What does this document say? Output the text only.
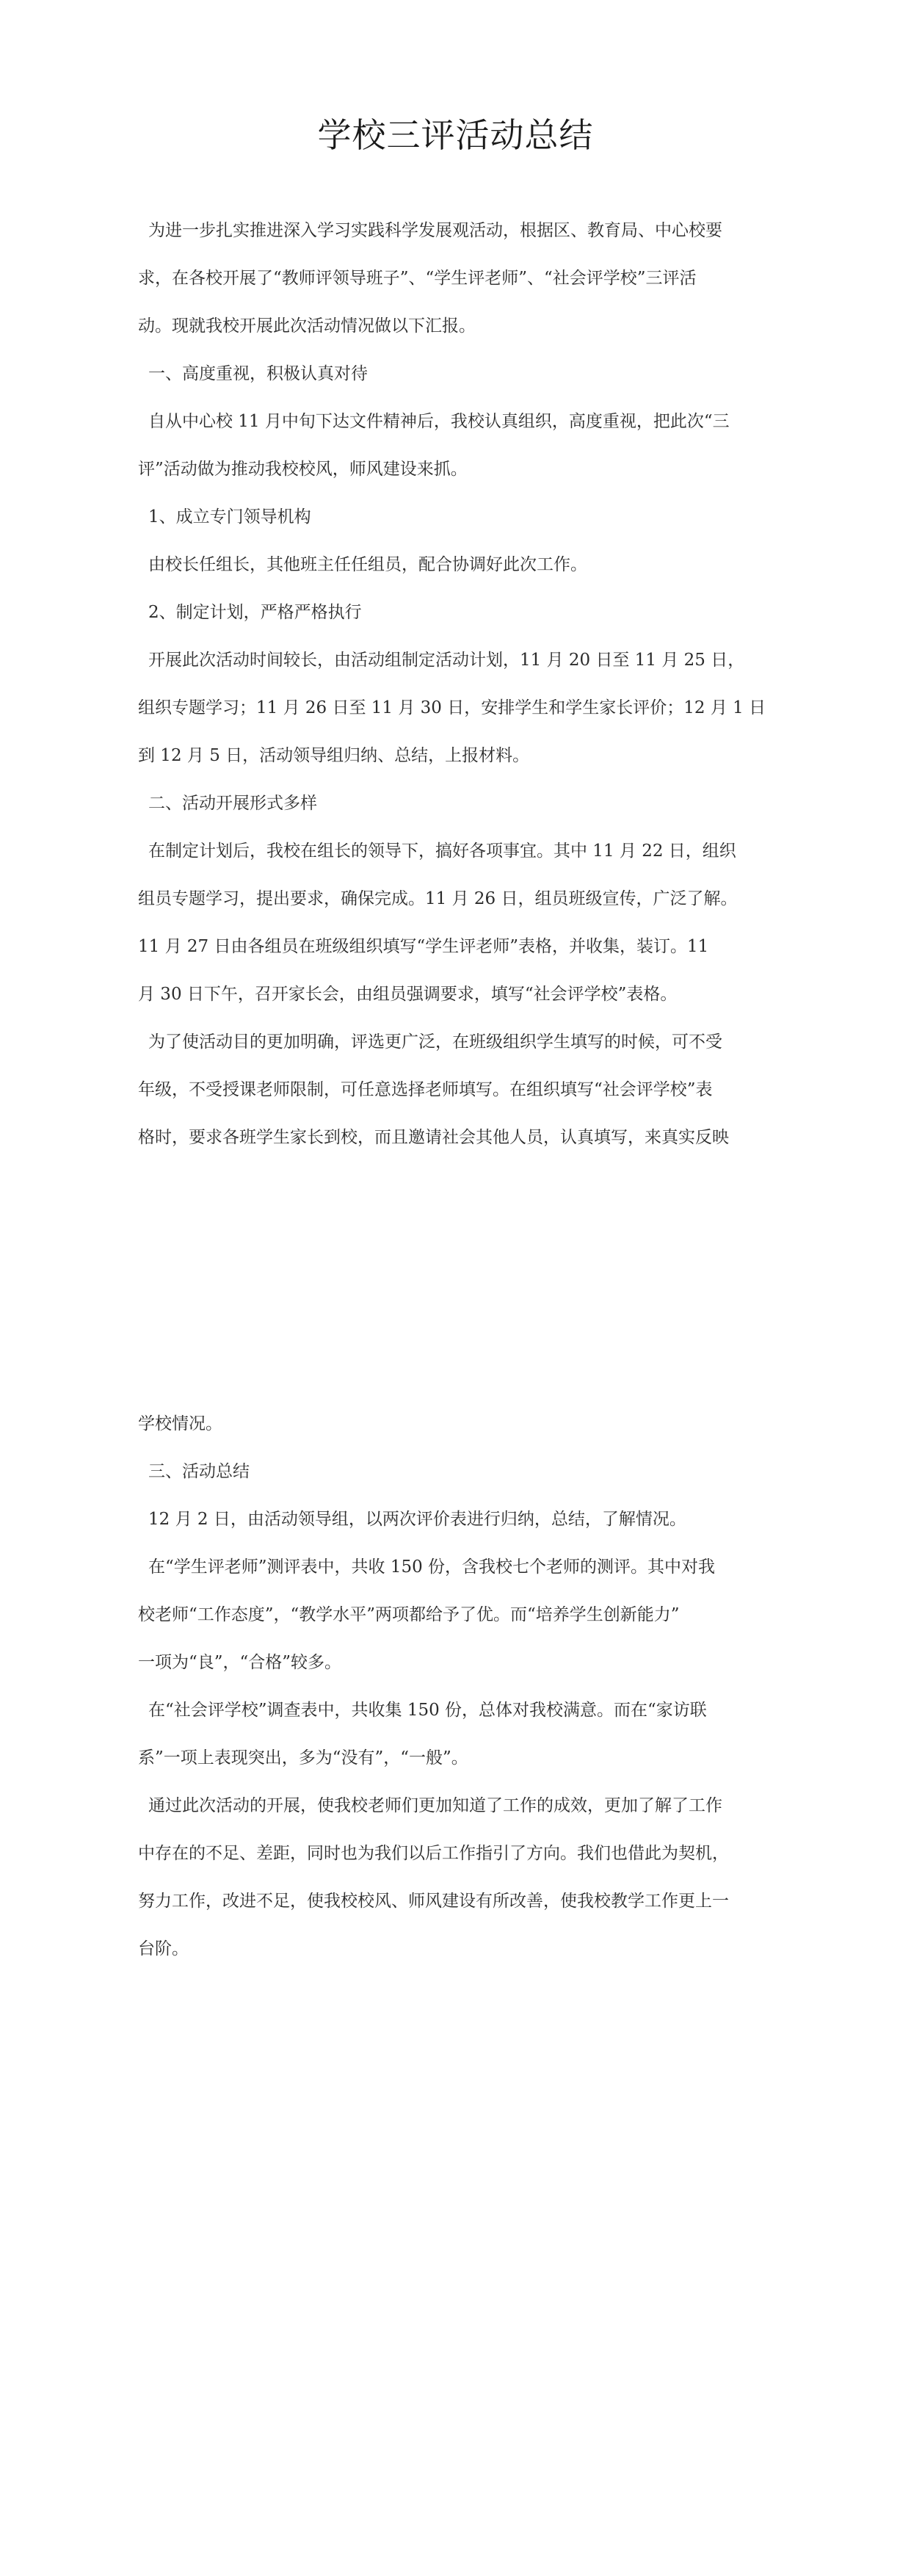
学校三评活动总结
为进一步扎实推进深入学习实践科学发展观活动，根据区、教育局、中心校要
求，在各校开展了“教师评领导班子”、“学生评老师”、“社会评学校”三评活
动。现就我校开展此次活动情况做以下汇报。
一、高度重视，积极认真对待
自从中心校 11 月中旬下达文件精神后，我校认真组织，高度重视，把此次“三
评”活动做为推动我校校风，师风建设来抓。
1、成立专门领导机构
由校长任组长，其他班主任任组员，配合协调好此次工作。
2、制定计划，严格严格执行
开展此次活动时间较长，由活动组制定活动计划，11 月 20 日至 11 月 25 日，
组织专题学习；11 月 26 日至 11 月 30 日，安排学生和学生家长评价；12 月 1 日
到 12 月 5 日，活动领导组归纳、总结，上报材料。
二、活动开展形式多样
在制定计划后，我校在组长的领导下，搞好各项事宜。其中 11 月 22 日，组织
组员专题学习，提出要求，确保完成。11 月 26 日，组员班级宣传，广泛了解。
11 月 27 日由各组员在班级组织填写“学生评老师”表格，并收集，装订。11
月 30 日下午，召开家长会，由组员强调要求，填写“社会评学校”表格。
为了使活动目的更加明确，评选更广泛，在班级组织学生填写的时候，可不受
年级，不受授课老师限制，可任意选择老师填写。在组织填写“社会评学校”表
格时，要求各班学生家长到校，而且邀请社会其他人员，认真填写，来真实反映
学校情况。
三、活动总结
12 月 2 日，由活动领导组，以两次评价表进行归纳，总结，了解情况。
在“学生评老师”测评表中，共收 150 份，含我校七个老师的测评。其中对我
校老师“工作态度”，“教学水平”两项都给予了优。而“培养学生创新能力”
一项为“良”，“合格”较多。
在“社会评学校”调查表中，共收集 150 份，总体对我校满意。而在“家访联
系”一项上表现突出，多为“没有”，“一般”。
通过此次活动的开展，使我校老师们更加知道了工作的成效，更加了解了工作
中存在的不足、差距，同时也为我们以后工作指引了方向。我们也借此为契机，
努力工作，改进不足，使我校校风、师风建设有所改善，使我校教学工作更上一
台阶。
